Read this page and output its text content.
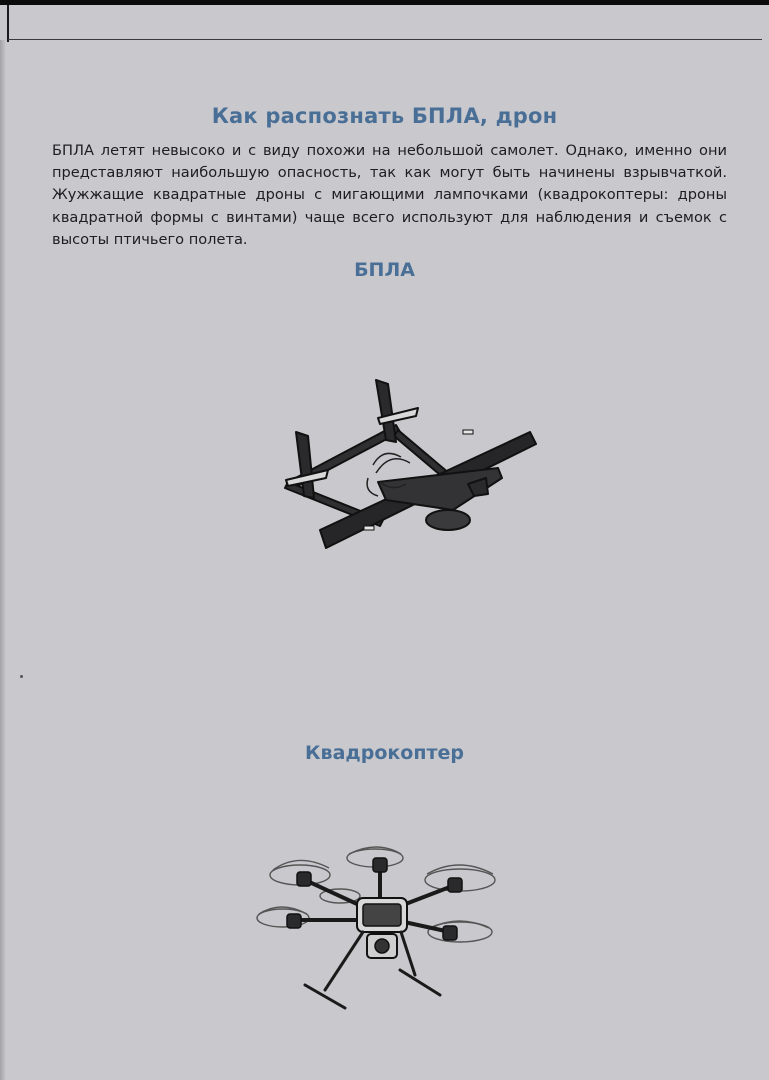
Как распознать БПЛА, дрон

БПЛА летят невысоко и с виду похожи на небольшой самолет. Однако, именно они представляют наибольшую опасность, так как могут быть начинены взрывчаткой. Жужжащие квадратные дроны с мигающими лампочками (квадрокоптеры: дроны квадратной формы с винтами) чаще всего используют для наблюдения и съемок с высоты птичьего полета.

БПЛА
Квадрокоптер
